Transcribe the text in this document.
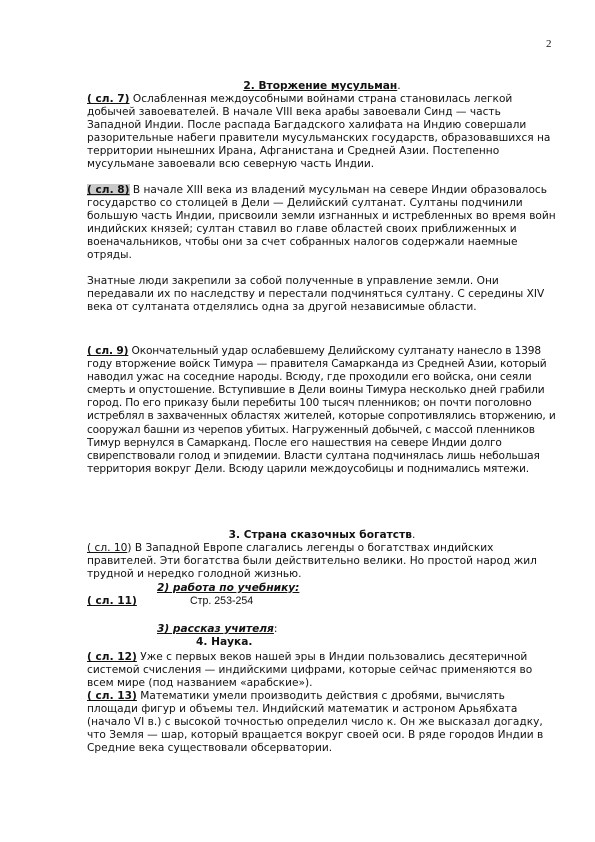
2
2. Вторжение мусульман.
( сл. 7) Ослабленная междоусобными войнами страна становилась легкой добычей завоевателей. В начале VIII века арабы завоевали Синд — часть Западной Индии. После распада Багдадского халифата на Индию совершали разорительные набеги правители мусульманских государств, образовавшихся на территории нынешних Ирана, Афганистана и Средней Азии. Постепенно мусульмане завоевали всю северную часть Индии.
( сл. 8) В начале XIII века из владений мусульман на севере Индии образовалось государство со столицей в Дели — Делийский султанат. Султаны подчинили большую часть Индии, присвоили земли изгнанных и истребленных во время войн индийских князей; султан ставил во главе областей своих приближенных и военачальников, чтобы они за счет собранных налогов содержали наемные отряды.
Знатные люди закрепили за собой полученные в управление земли. Они передавали их по наследству и перестали подчиняться султану. С середины XIV века от султаната отделялись одна за другой независимые области.
( сл. 9) Окончательный удар ослабевшему Делийскому султанату нанесло в 1398 году вторжение войск Тимура — правителя Самарканда из Средней Азии, который наводил ужас на соседние народы. Всюду, где проходили его войска, они сеяли смерть и опустошение. Вступившие в Дели воины Тимура несколько дней грабили город. По его приказу были перебиты 100 тысяч пленников; он почти поголовно истреблял в захваченных областях жителей, которые сопротивлялись вторжению, и сооружал башни из черепов убитых. Нагруженный добычей, с массой пленников Тимур вернулся в Самарканд. После его нашествия на севере Индии долго свирепствовали голод и эпидемии. Власти султана подчинялась лишь небольшая территория вокруг Дели. Всюду царили междоусобицы и поднимались мятежи.
3. Страна сказочных богатств.
( сл. 10) В Западной Европе слагались легенды о богатствах индийских правителей. Эти богатства были действительно велики. Но простой народ жил трудной и нередко голодной жизнью.
2) работа по учебнику:
( сл. 11)	Стр. 253-254
3) рассказ учителя:
4. Наука.
( сл. 12) Уже с первых веков нашей эры в Индии пользовались десятеричной системой счисления — индийскими цифрами, которые сейчас применяются во всем мире (под названием «арабские»).
( сл. 13) Математики умели производить действия с дробями, вычислять площади фигур и объемы тел. Индийский математик и астроном Арьябхата (начало VI в.) с высокой точностью определил число к. Он же высказал догадку, что Земля — шар, который вращается вокруг своей оси. В ряде городов Индии в Средние века существовали обсерватории.
